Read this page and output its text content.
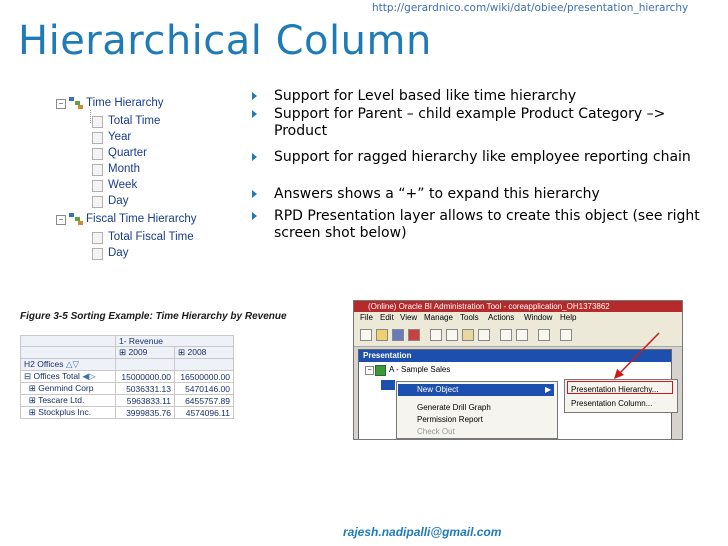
http://gerardnico.com/wiki/dat/obiee/presentation_hierarchy
Hierarchical Column
− Time Hierarchy
Total Time
Year
Quarter
Month
Week
Day
− Fiscal Time Hierarchy
Total Fiscal Time
Day
Support for Level based like time hierarchy
Support for Parent – child example Product Category –> Product
Support for ragged hierarchy like employee reporting chain
Answers shows a “+” to expand this hierarchy
RPD Presentation layer allows to create this object (see right screen shot below)
Figure 3-5 Sorting Example: Time Hierarchy by Revenue
	1- Revenue	
	⊞ 2009	⊞ 2008
H2 Offices △▽		
⊟ Offices Total ◀▷	15000000.00	16500000.00
⊞ Genmind Corp	5036331.13	5470146.00
⊞ Tescare Ltd.	5963833.11	6455757.89
⊞ Stockplus Inc.	3999835.76	4574096.11
(Online) Oracle BI Administration Tool - coreapplication_OH1373862
File Edit View Manage Tools Actions Window Help
Presentation
−	A - Sample Sales
New Object	▶
Generate Drill Graph
Permission Report
Check Out
Presentation Hierarchy...
Presentation Column...
rajesh.nadipalli@gmail.com
